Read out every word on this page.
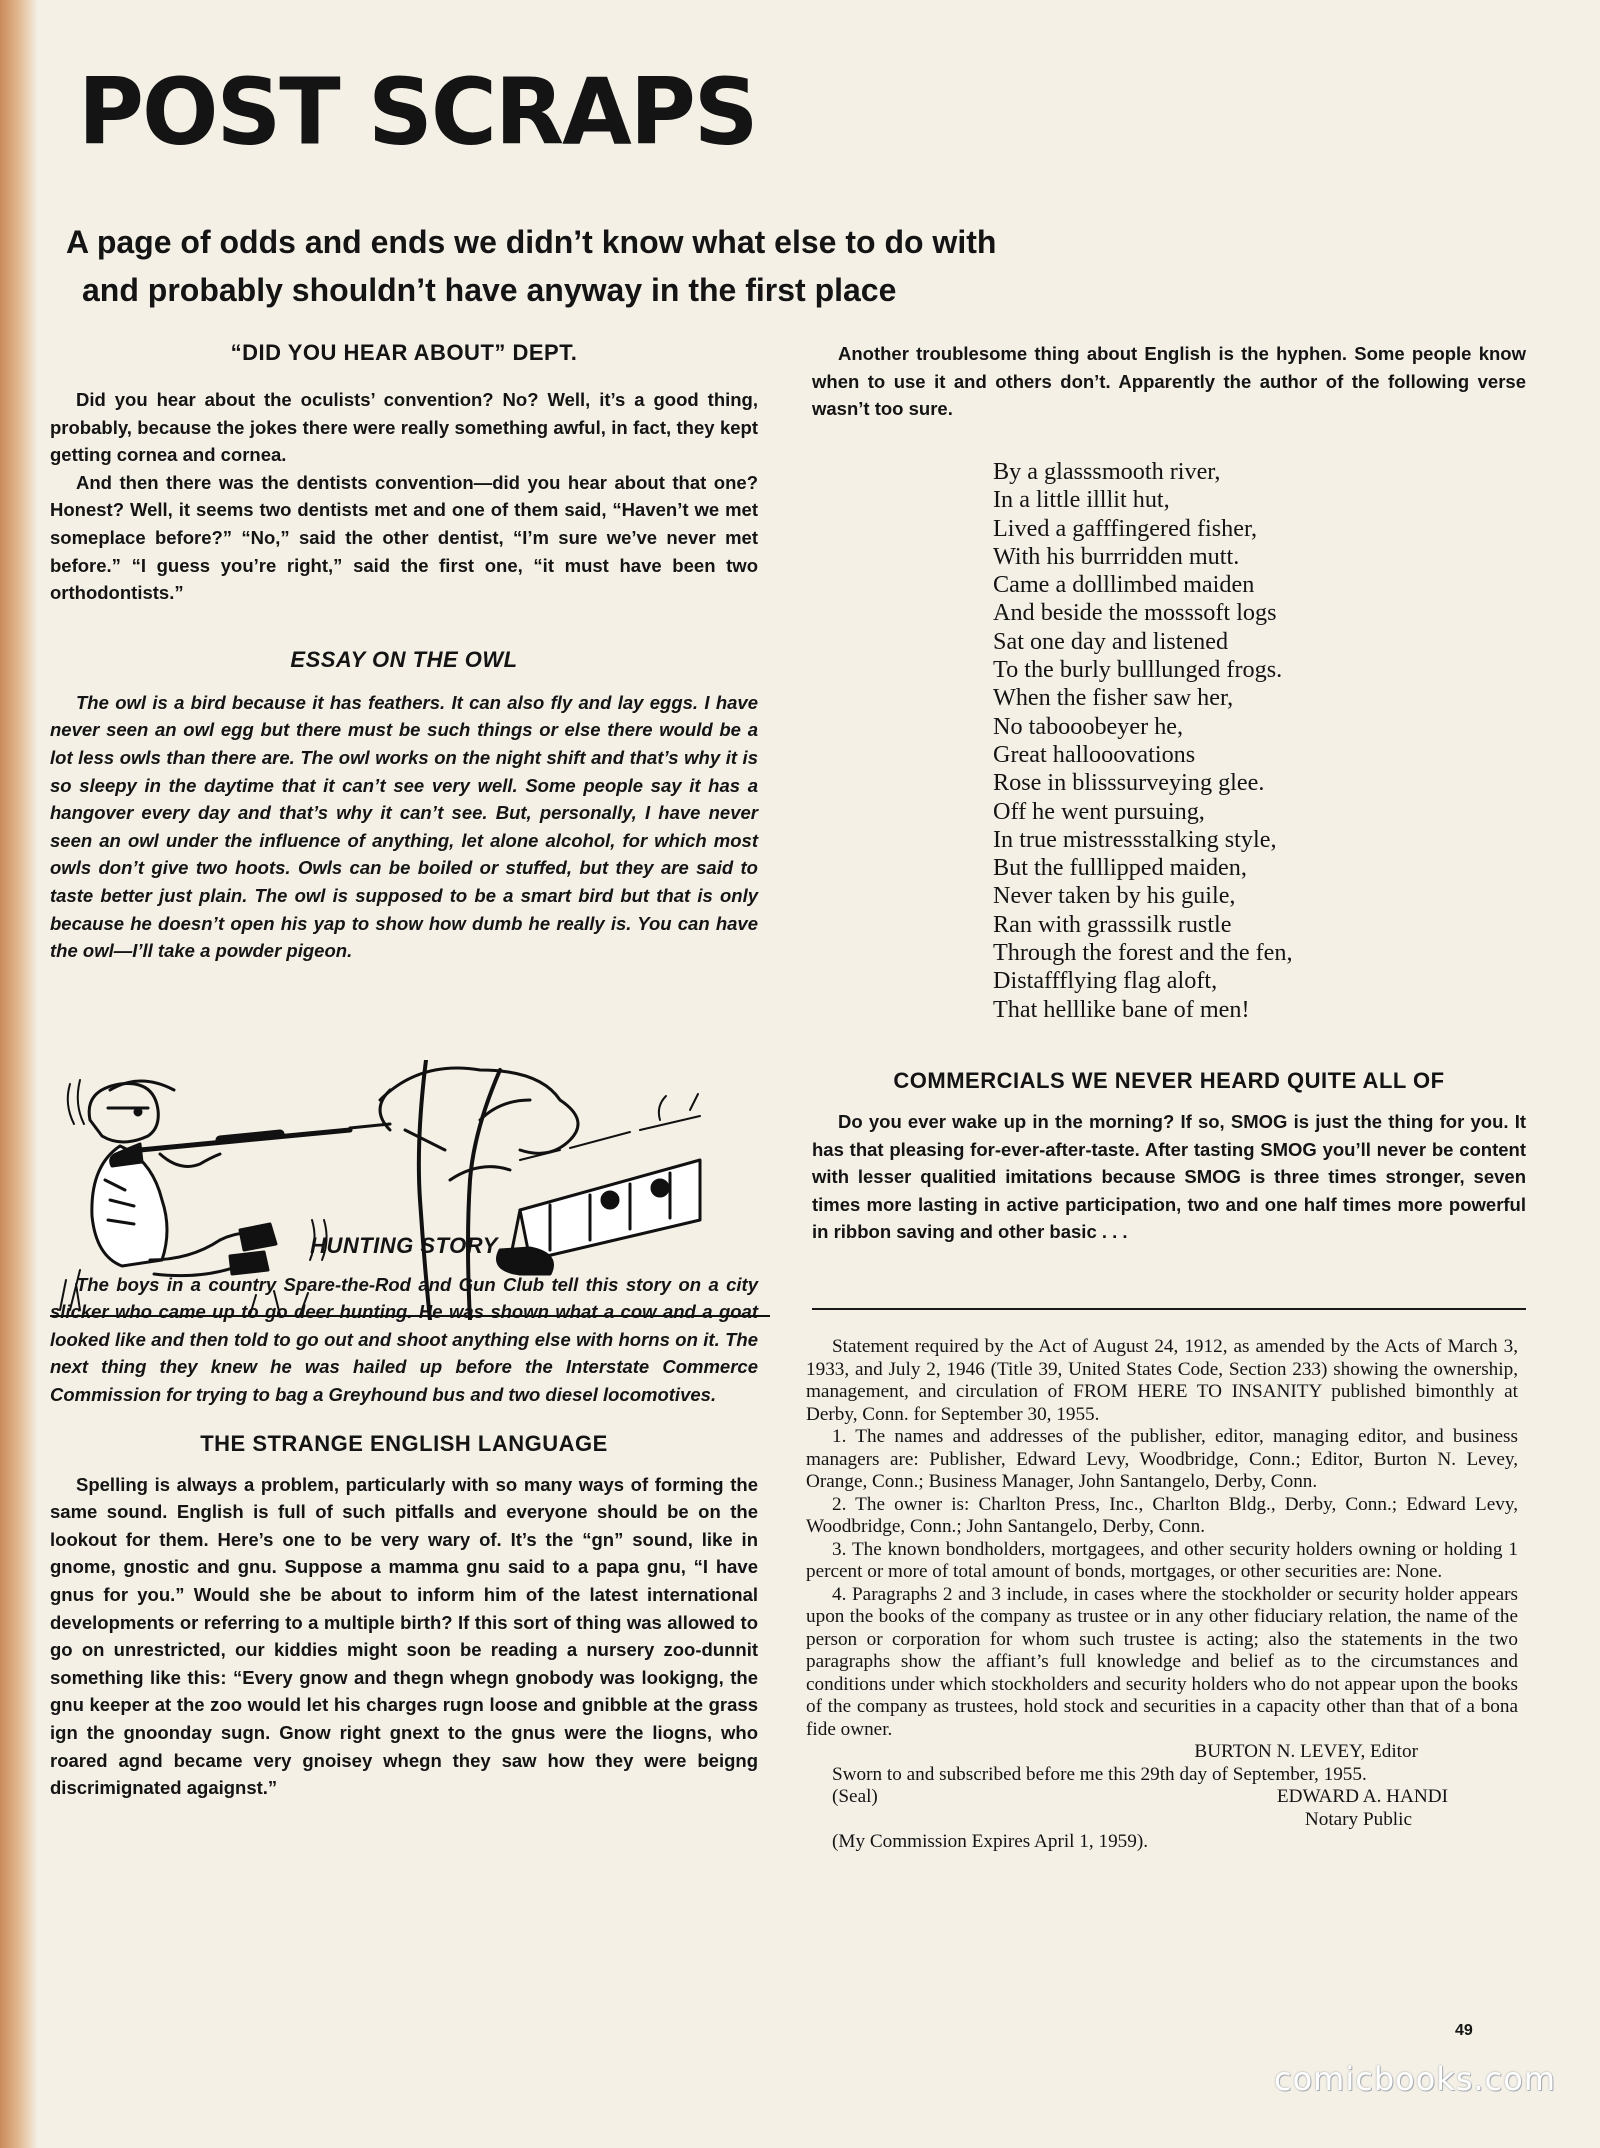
POST SCRAPS
A page of odds and ends we didn’t know what else to do with
and probably shouldn’t have anyway in the first place
“DID YOU HEAR ABOUT” DEPT.

Did you hear about the oculists’ convention? No? Well, it’s a good thing, probably, because the jokes there were really something awful, in fact, they kept getting cornea and cornea.

And then there was the dentists convention—did you hear about that one? Honest? Well, it seems two dentists met and one of them said, “Haven’t we met someplace before?” “No,” said the other dentist, “I’m sure we’ve never met before.” “I guess you’re right,” said the first one, “it must have been two orthodontists.”

ESSAY ON THE OWL

The owl is a bird because it has feathers. It can also fly and lay eggs. I have never seen an owl egg but there must be such things or else there would be a lot less owls than there are. The owl works on the night shift and that’s why it is so sleepy in the daytime that it can’t see very well. Some people say it has a hangover every day and that’s why it can’t see. But, personally, I have never seen an owl under the influence of anything, let alone alcohol, for which most owls don’t give two hoots. Owls can be boiled or stuffed, but they are said to taste better just plain. The owl is supposed to be a smart bird but that is only because he doesn’t open his yap to show how dumb he really is. You can have the owl—I’ll take a powder pigeon.

HUNTING STORY

The boys in a country Spare-the-Rod and Gun Club tell this story on a city slicker who came up to go deer hunting. He was shown what a cow and a goat looked like and then told to go out and shoot anything else with horns on it. The next thing they knew he was hailed up before the Interstate Commerce Commission for trying to bag a Greyhound bus and two diesel locomotives.

THE STRANGE ENGLISH LANGUAGE

Spelling is always a problem, particularly with so many ways of forming the same sound. English is full of such pitfalls and everyone should be on the lookout for them. Here’s one to be very wary of. It’s the “gn” sound, like in gnome, gnostic and gnu. Suppose a mamma gnu said to a papa gnu, “I have gnus for you.” Would she be about to inform him of the latest international developments or referring to a multiple birth? If this sort of thing was allowed to go on unrestricted, our kiddies might soon be reading a nursery zoo-dunnit something like this: “Every gnow and thegn whegn gnobody was lookigng, the gnu keeper at the zoo would let his charges rugn loose and gnibble at the grass ign the gnoonday sugn. Gnow right gnext to the gnus were the liogns, who roared agnd became very gnoisey whegn they saw how they were beigng discrimignated agaignst.”

Another troublesome thing about English is the hyphen. Some people know when to use it and others don’t. Apparently the author of the following verse wasn’t too sure.

By a glasssmooth river,
In a little illlit hut,
Lived a gafffingered fisher,
With his burrridden mutt.
Came a dolllimbed maiden
And beside the mosssoft logs
Sat one day and listened
To the burly bulllunged frogs.
When the fisher saw her,
No tabooobeyer he,
Great hallooovations
Rose in blisssurveying glee.
Off he went pursuing,
In true mistressstalking style,
But the fulllipped maiden,
Never taken by his guile,
Ran with grasssilk rustle
Through the forest and the fen,
Distaffflying flag aloft,
That helllike bane of men!
COMMERCIALS WE NEVER HEARD QUITE ALL OF

Do you ever wake up in the morning? If so, SMOG is just the thing for you. It has that pleasing for-ever-after-taste. After tasting SMOG you’ll never be content with lesser qualitied imitations because SMOG is three times stronger, seven times more lasting in active participation, two and one half times more powerful in ribbon saving and other basic . . .

Statement required by the Act of August 24, 1912, as amended by the Acts of March 3, 1933, and July 2, 1946 (Title 39, United States Code, Section 233) showing the ownership, management, and circulation of FROM HERE TO INSANITY published bimonthly at Derby, Conn. for September 30, 1955.

1. The names and addresses of the publisher, editor, managing editor, and business managers are: Publisher, Edward Levy, Woodbridge, Conn.; Editor, Burton N. Levey, Orange, Conn.; Business Manager, John Santangelo, Derby, Conn.

2. The owner is: Charlton Press, Inc., Charlton Bldg., Derby, Conn.; Edward Levy, Woodbridge, Conn.; John Santangelo, Derby, Conn.

3. The known bondholders, mortgagees, and other security holders owning or holding 1 percent or more of total amount of bonds, mortgages, or other securities are: None.

4. Paragraphs 2 and 3 include, in cases where the stockholder or security holder appears upon the books of the company as trustee or in any other fiduciary relation, the name of the person or corporation for whom such trustee is acting; also the statements in the two paragraphs show the affiant’s full knowledge and belief as to the circumstances and conditions under which stockholders and security holders who do not appear upon the books of the company as trustees, hold stock and securities in a capacity other than that of a bona fide owner.

BURTON N. LEVEY, Editor

Sworn to and subscribed before me this 29th day of September, 1955.

(Seal)	EDWARD A. HANDI

Notary Public

(My Commission Expires April 1, 1959).

49
comicbooks.com
